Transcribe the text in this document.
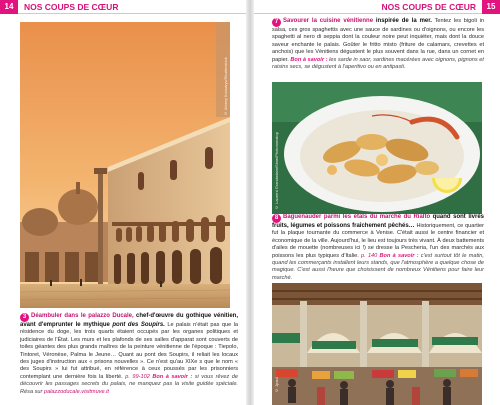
14	NOS COUPS DE CŒUR	NOS COUPS DE CŒUR	15
© Alexey Kovsaryv/Shutterstock
3 Déambuler dans le palazzo Ducale, chef-d'œuvre du gothique vénitien, avant d'emprunter le mythique pont des Soupirs. Le palais n'était pas que la résidence du doge, les trois quarts étaient occupés par les organes politiques et judiciaires de l'État. Les murs et les plafonds de ses salles d'apparat sont couverts de toiles géantes des plus grands maîtres de la peinture vénitienne de l'époque : Tiepolo, Tintoret, Véronèse, Palma le Jeune… Quant au pont des Soupirs, il reliait les locaux des juges d'instruction aux « prisons nouvelles ». Ce n'est qu'au XIXe s que le nom « des Soupirs » lui fut attribué, en référence à ceux poussés par les prisonniers contemplant une dernière fois la liberté. p. 99-102 Bon à savoir : si vous rêvez de découvrir les passages secrets du palais, ne manquez pas la visite guidée spéciale. Résa sur palazzoducale.visitmuve.it
7 Savourer la cuisine vénitienne inspirée de la mer. Tentez les bigoli in salsa, ces gros spaghettis avec une sauce de sardines ou d'oignons, ou encore les spaghetti al nero di seppia dont la couleur noire peut inquiéter, mais dont la douce saveur enchante le palais. Goûter le fritto misto (friture de calamars, crevettes et anchois) que les Vénitiens dégustent le plus souvent dans la rue, dans un cornet en papier. Bon à savoir : les sarde in saor, sardines macérées avec oignons, pignons et raisins secs, se dégustent à l'aperitivo ou en antipasti.
© Laurent Grandadam/Sime/Photononstop
8 Baguenauder parmi les étals du marché du Rialto quand sont livrés fruits, légumes et poissons fraîchement pêchés… Historiquement, ce quartier fut la plaque tournante du commerce à Venise. C'était aussi le centre financier et économique de la ville. Aujourd'hui, le lieu est toujours très vivant. À deux battements d'ailes de mouette (nombreuses ici !) se dresse la Pescheria, l'un des marchés aux poissons les plus typiques d'Italie. p. 140 Bon à savoir : c'est surtout tôt le matin, quand les commerçants installent leurs stands, que l'atmosphère a quelque chose de magique. C'est aussi l'heure que choisissent de nombreux Vénitiens pour faire leur marché.
© Jpaul
